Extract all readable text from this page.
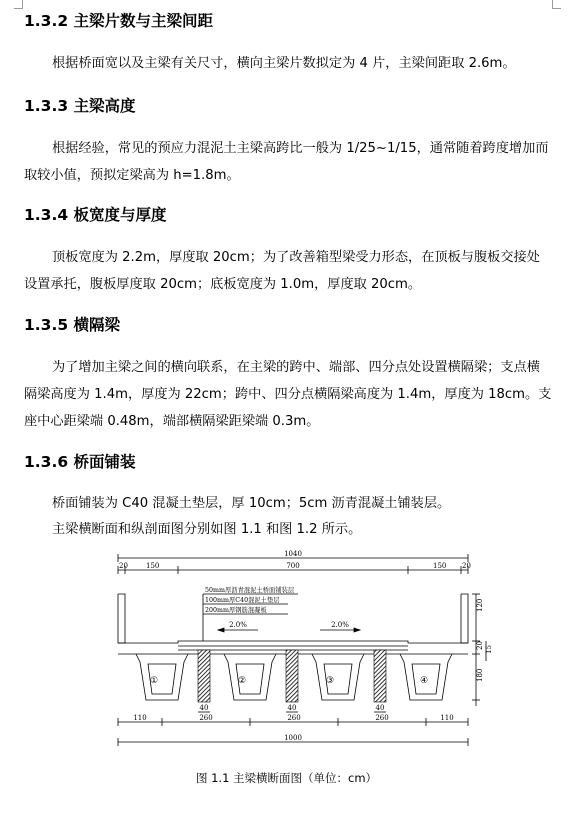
1.3.2 主梁片数与主梁间距

根据桥面宽以及主梁有关尺寸，横向主梁片数拟定为 4 片，主梁间距取 2.6m。

1.3.3 主梁高度

根据经验，常见的预应力混泥土主梁高跨比一般为 1/25~1/15，通常随着跨度增加而取较小值，预拟定梁高为 h=1.8m。

1.3.4 板宽度与厚度

顶板宽度为 2.2m，厚度取 20cm；为了改善箱型梁受力形态，在顶板与腹板交接处设置承托，腹板厚度取 20cm；底板宽度为 1.0m，厚度取 20cm。

1.3.5 横隔梁

为了增加主梁之间的横向联系，在主梁的跨中、端部、四分点处设置横隔梁；支点横隔梁高度为 1.4m，厚度为 22cm；跨中、四分点横隔梁高度为 1.4m，厚度为 18cm。支座中心距梁端 0.48m，端部横隔梁距梁端 0.3m。

1.3.6 桥面铺装

桥面铺装为 C40 混凝土垫层，厚 10cm；5cm 沥青混凝土铺装层。

主梁横断面和纵剖面图分别如图 1.1 和图 1.2 所示。

1040
20	150	700	150 20
50mm厚沥青混泥土桥面铺装层
100mm厚C40混泥土垫层
200mm厚钢筋混凝板
2.0%	2.0%
120
20 15
180
①	②	③	④
40	40	40
110	260	260	260	110
1000
图 1.1 主梁横断面图（单位：cm）
